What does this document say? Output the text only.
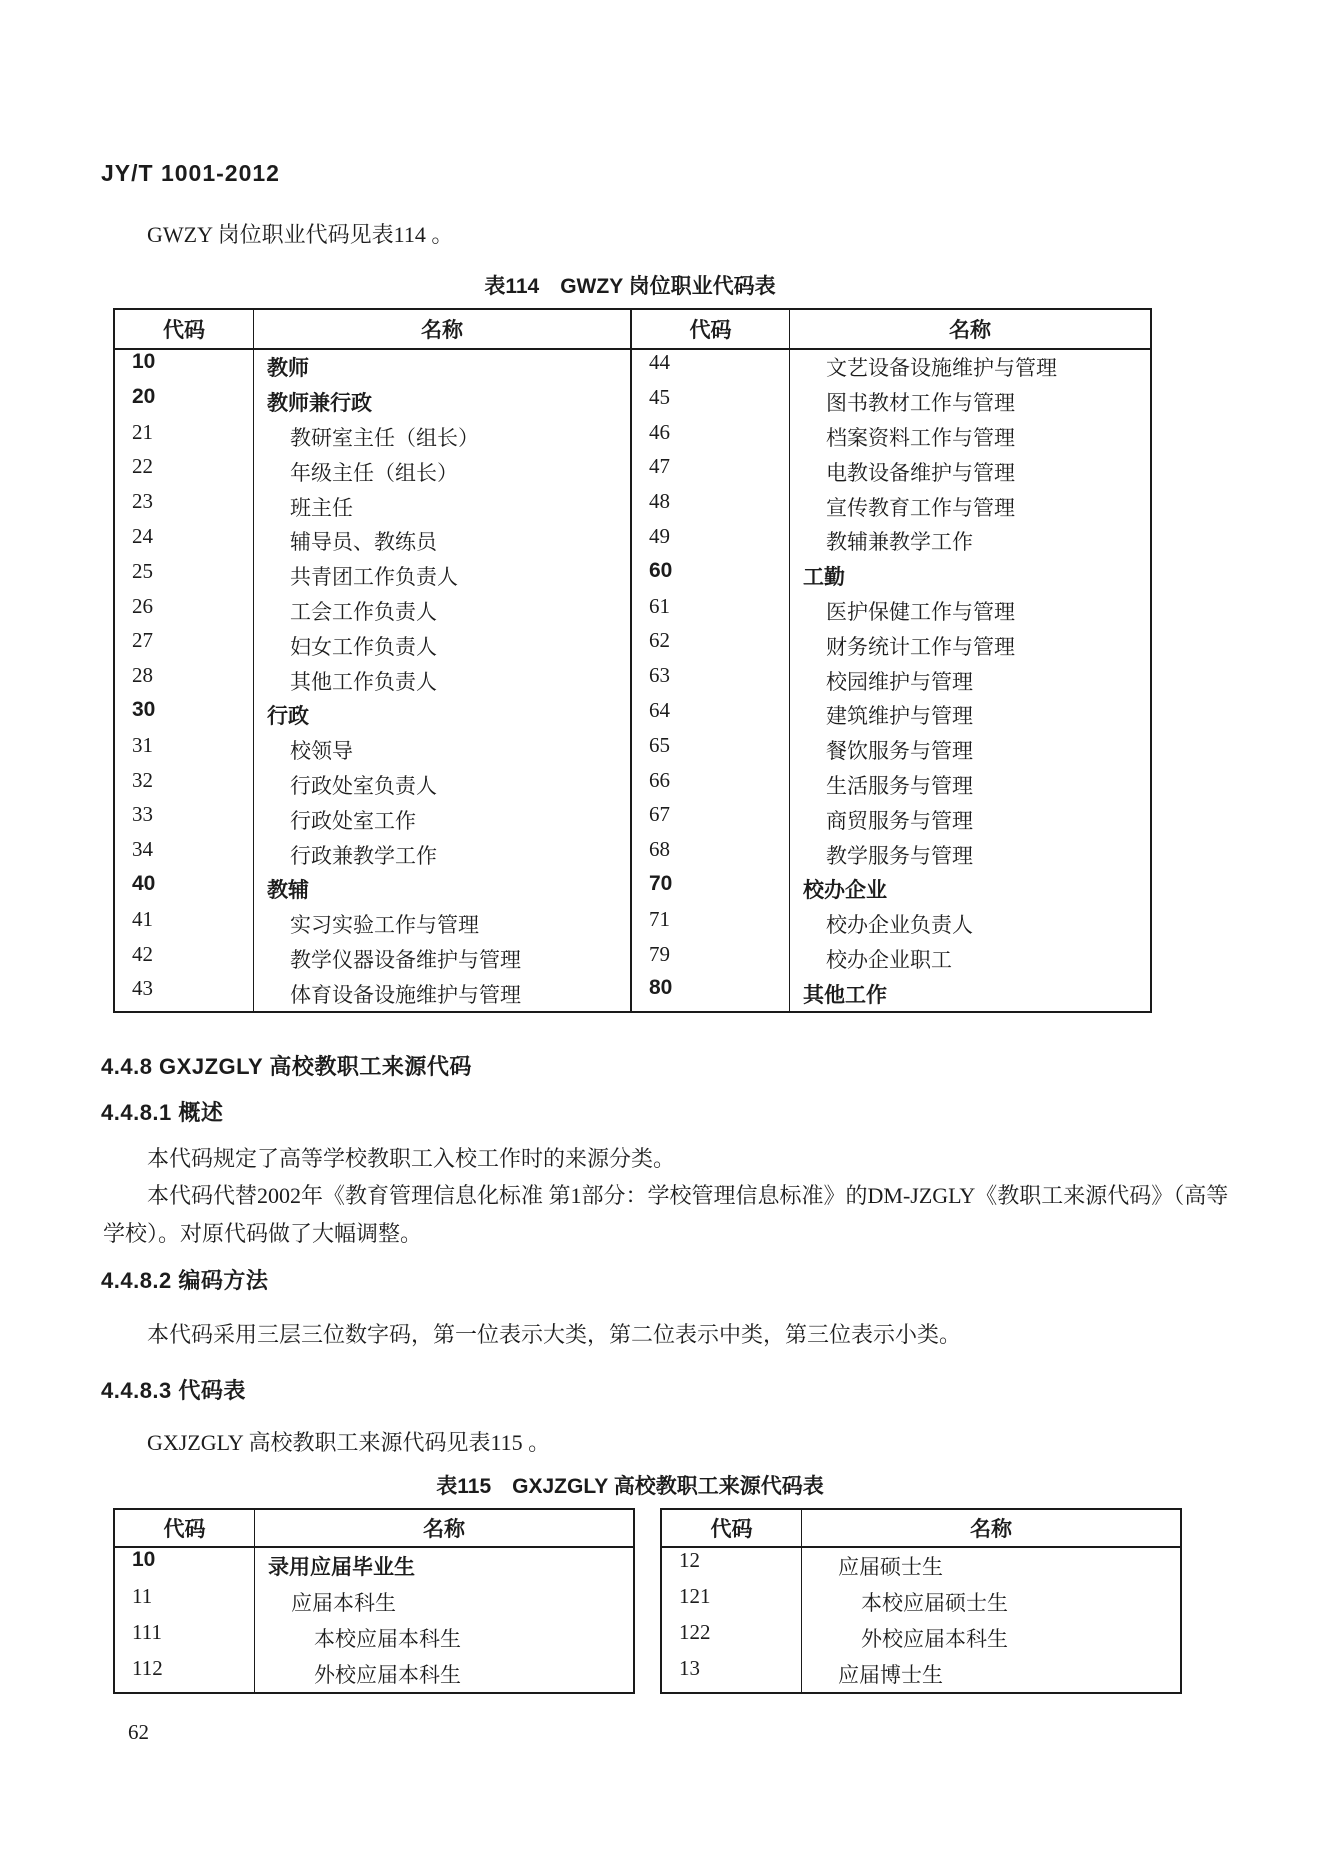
JY/T 1001-2012
GWZY 岗位职业代码见表114 。
表114　GWZY 岗位职业代码表
代码	名称
10	教师
20	教师兼行政
21	教研室主任（组长）
22	年级主任（组长）
23	班主任
24	辅导员、教练员
25	共青团工作负责人
26	工会工作负责人
27	妇女工作负责人
28	其他工作负责人
30	行政
31	校领导
32	行政处室负责人
33	行政处室工作
34	行政兼教学工作
40	教辅
41	实习实验工作与管理
42	教学仪器设备维护与管理
43	体育设备设施维护与管理
代码	名称
44	文艺设备设施维护与管理
45	图书教材工作与管理
46	档案资料工作与管理
47	电教设备维护与管理
48	宣传教育工作与管理
49	教辅兼教学工作
60	工勤
61	医护保健工作与管理
62	财务统计工作与管理
63	校园维护与管理
64	建筑维护与管理
65	餐饮服务与管理
66	生活服务与管理
67	商贸服务与管理
68	教学服务与管理
70	校办企业
71	校办企业负责人
79	校办企业职工
80	其他工作
4.4.8 GXJZGLY 高校教职工来源代码
4.4.8.1 概述
本代码规定了高等学校教职工入校工作时的来源分类。
本代码代替2002年《教育管理信息化标准 第1部分：学校管理信息标准》的DM-JZGLY《教职工来源代码》（高等学校）。对原代码做了大幅调整。
4.4.8.2 编码方法
本代码采用三层三位数字码，第一位表示大类，第二位表示中类，第三位表示小类。
4.4.8.3 代码表
GXJZGLY 高校教职工来源代码见表115 。
表115　GXJZGLY 高校教职工来源代码表
代码	名称
10	录用应届毕业生
11	应届本科生
111	本校应届本科生
112	外校应届本科生
代码	名称
12	应届硕士生
121	本校应届硕士生
122	外校应届本科生
13	应届博士生
62
